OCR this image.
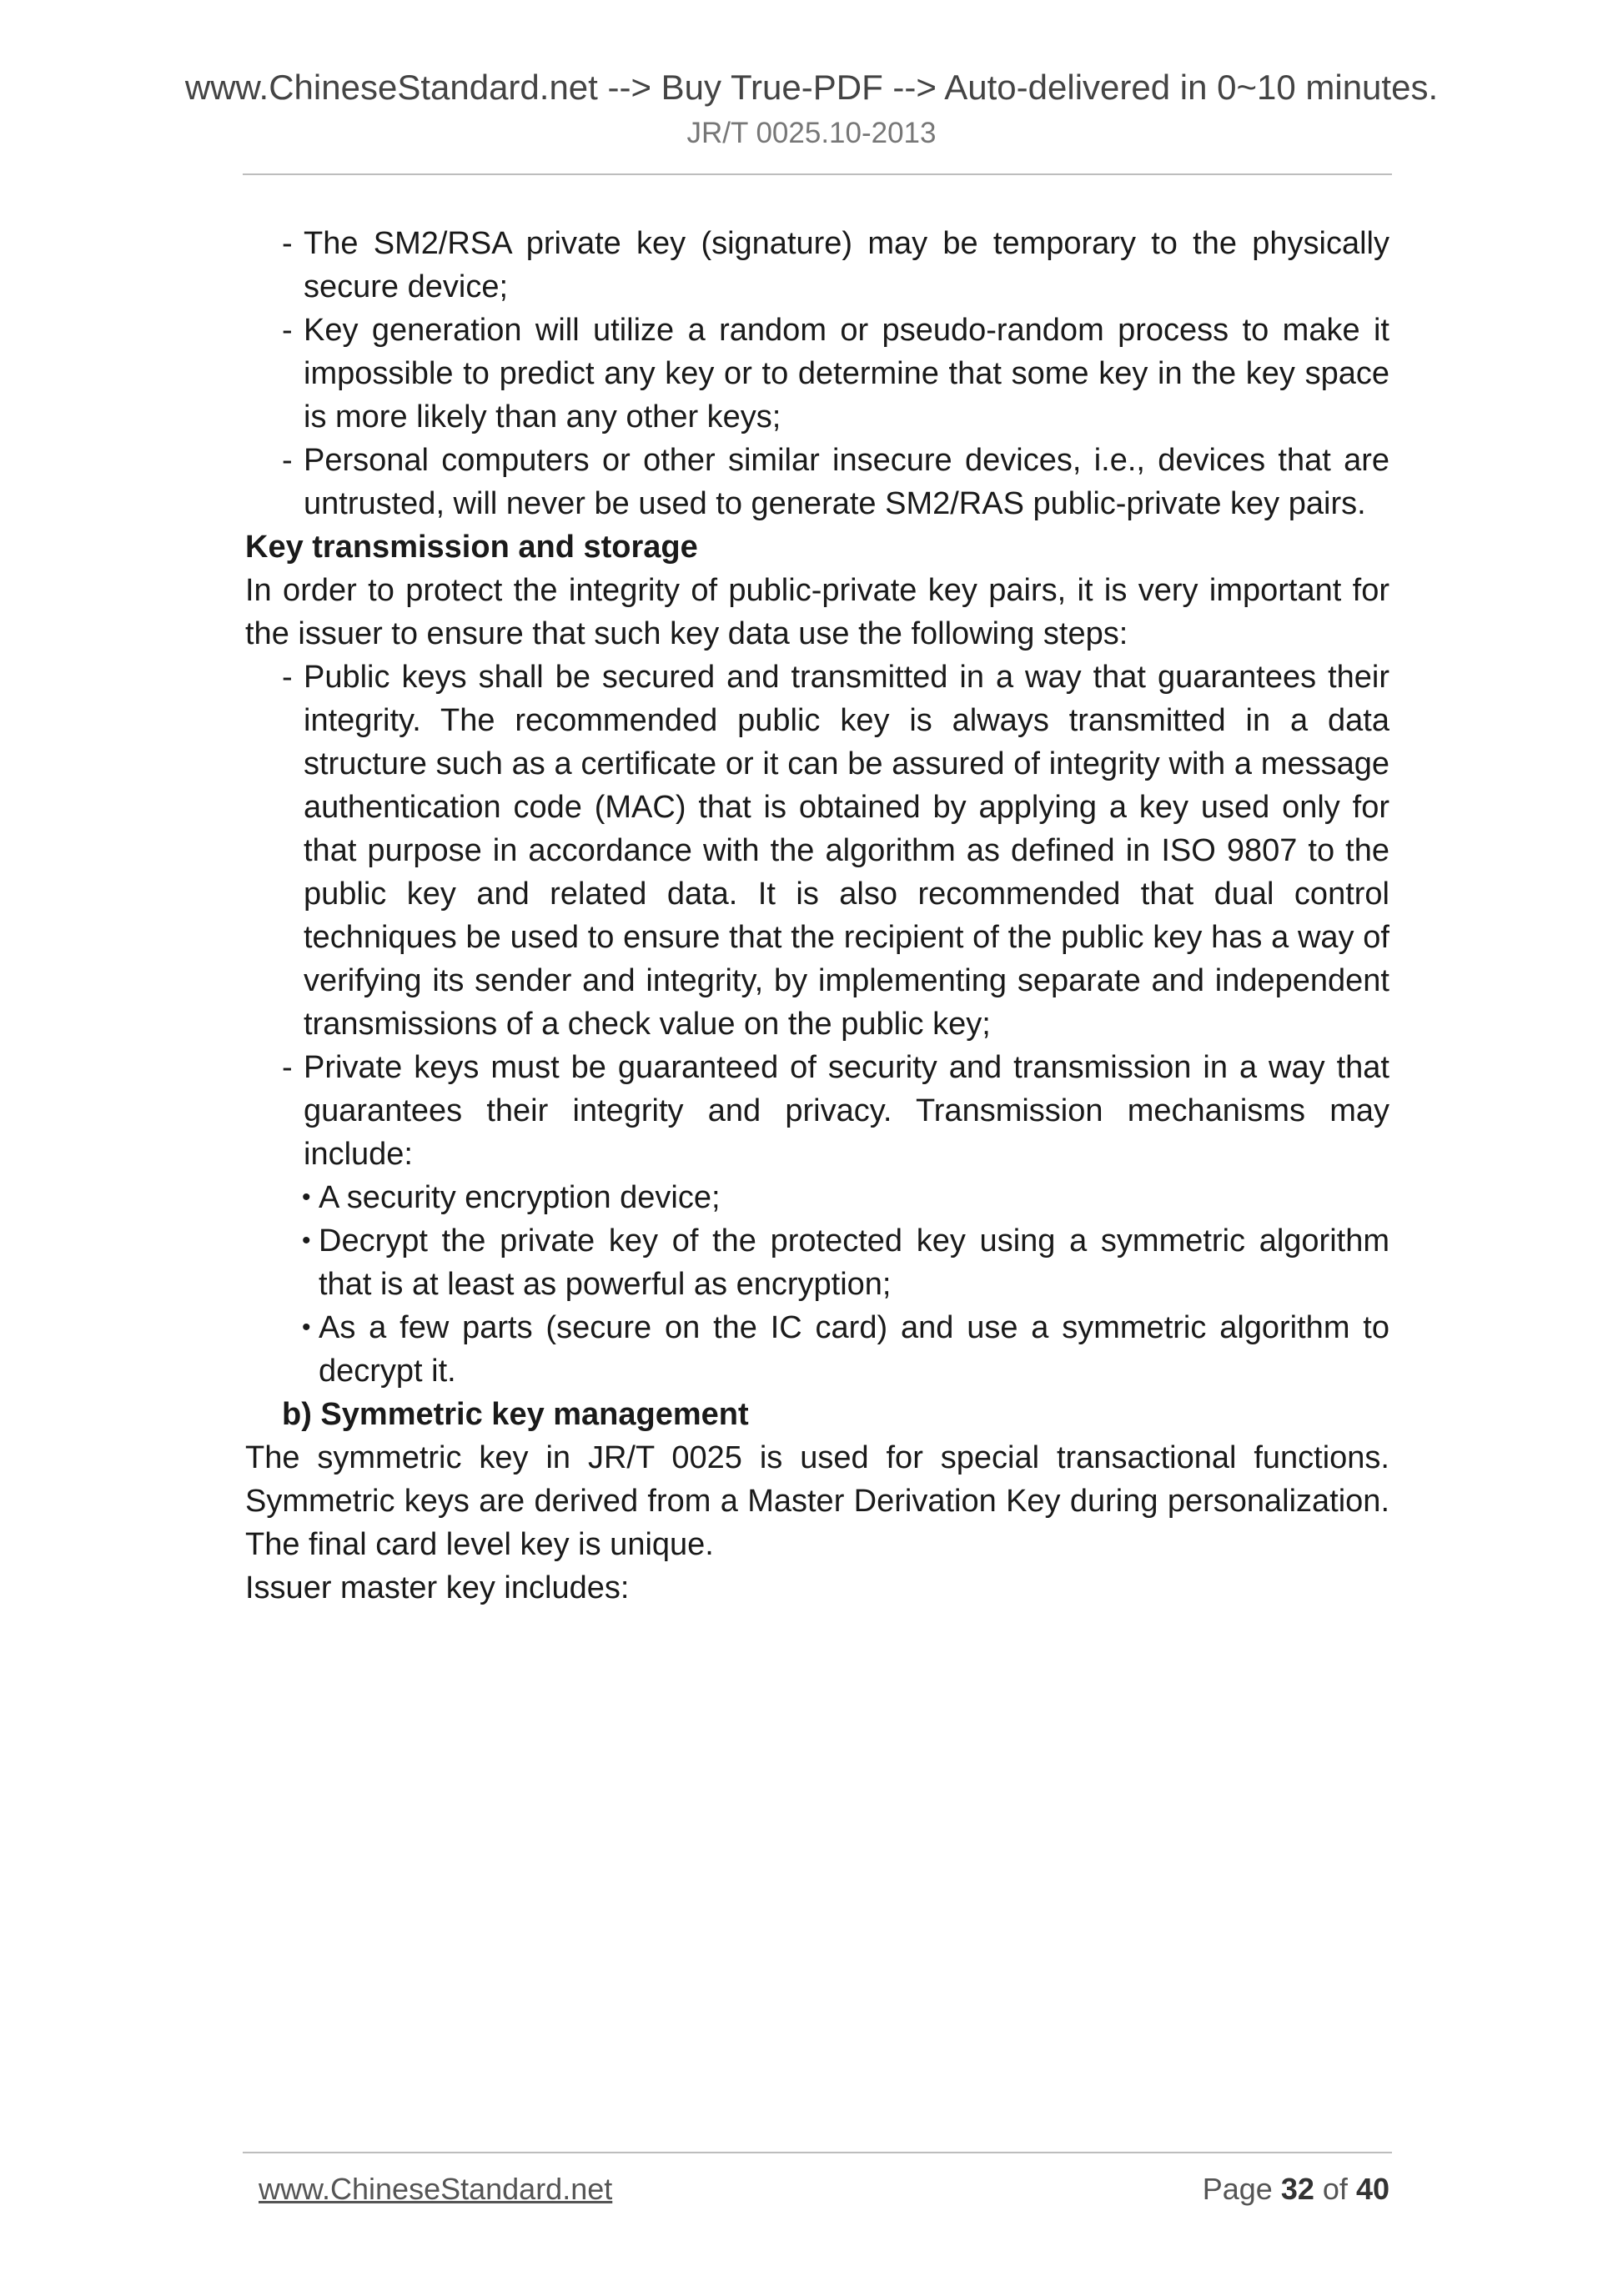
www.ChineseStandard.net --> Buy True-PDF --> Auto-delivered in 0~10 minutes.
JR/T 0025.10-2013

- The SM2/RSA private key (signature) may be temporary to the physically secure device;

- Key generation will utilize a random or pseudo-random process to make it impossible to predict any key or to determine that some key in the key space is more likely than any other keys;

- Personal computers or other similar insecure devices, i.e., devices that are untrusted, will never be used to generate SM2/RAS public-private key pairs.

Key transmission and storage

In order to protect the integrity of public-private key pairs, it is very important for the issuer to ensure that such key data use the following steps:

- Public keys shall be secured and transmitted in a way that guarantees their integrity. The recommended public key is always transmitted in a data structure such as a certificate or it can be assured of integrity with a message authentication code (MAC) that is obtained by applying a key used only for that purpose in accordance with the algorithm as defined in ISO 9807 to the public key and related data. It is also recommended that dual control techniques be used to ensure that the recipient of the public key has a way of verifying its sender and integrity, by implementing separate and independent transmissions of a check value on the public key;

- Private keys must be guaranteed of security and transmission in a way that guarantees their integrity and privacy. Transmission mechanisms may include:

• A security encryption device;

• Decrypt the private key of the protected key using a symmetric algorithm that is at least as powerful as encryption;

• As a few parts (secure on the IC card) and use a symmetric algorithm to decrypt it.

b) Symmetric key management

The symmetric key in JR/T 0025 is used for special transactional functions. Symmetric keys are derived from a Master Derivation Key during personalization. The final card level key is unique.

Issuer master key includes:

www.ChineseStandard.net	Page 32 of 40
